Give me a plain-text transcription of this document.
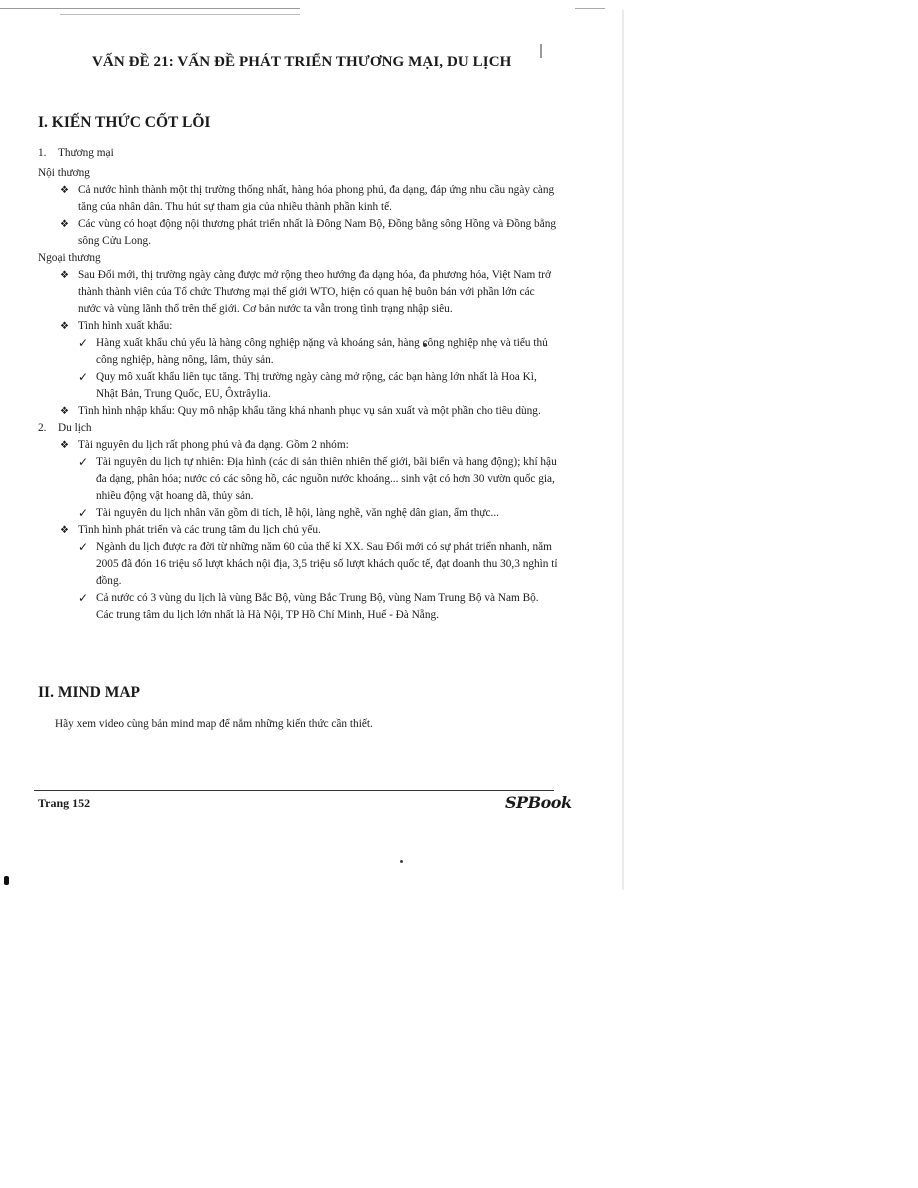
VẤN ĐỀ 21: VẤN ĐỀ PHÁT TRIỂN THƯƠNG MẠI, DU LỊCH
I. KIẾN THỨC CỐT LÕI
1. Thương mại
Nội thương
❖ Cả nước hình thành một thị trường thống nhất, hàng hóa phong phú, đa dạng, đáp ứng nhu cầu ngày càng tăng của nhân dân. Thu hút sự tham gia của nhiều thành phần kinh tế.
❖ Các vùng có hoạt động nội thương phát triển nhất là Đông Nam Bộ, Đồng bằng sông Hồng và Đồng bằng sông Cửu Long.
Ngoại thương
❖ Sau Đổi mới, thị trường ngày càng được mở rộng theo hướng đa dạng hóa, đa phương hóa, Việt Nam trở thành thành viên của Tổ chức Thương mại thế giới WTO, hiện có quan hệ buôn bán với phần lớn các nước và vùng lãnh thổ trên thế giới. Cơ bản nước ta vẫn trong tình trạng nhập siêu.
❖ Tình hình xuất khẩu:
✓ Hàng xuất khẩu chủ yếu là hàng công nghiệp nặng và khoáng sản, hàng công nghiệp nhẹ và tiểu thủ công nghiệp, hàng nông, lâm, thủy sản.
✓ Quy mô xuất khẩu liên tục tăng. Thị trường ngày càng mở rộng, các bạn hàng lớn nhất là Hoa Kì, Nhật Bản, Trung Quốc, EU, Ôxtrâylia.
❖ Tình hình nhập khẩu: Quy mô nhập khẩu tăng khá nhanh phục vụ sản xuất và một phần cho tiêu dùng.
2. Du lịch
❖ Tài nguyên du lịch rất phong phú và đa dạng. Gồm 2 nhóm:
✓ Tài nguyên du lịch tự nhiên: Địa hình (các di sản thiên nhiên thế giới, bãi biển và hang động); khí hậu đa dạng, phân hóa; nước có các sông hồ, các nguồn nước khoáng... sinh vật có hơn 30 vườn quốc gia, nhiều động vật hoang dã, thủy sản.
✓ Tài nguyên du lịch nhân văn gồm di tích, lễ hội, làng nghề, văn nghệ dân gian, ẩm thực...
❖ Tình hình phát triển và các trung tâm du lịch chủ yếu.
✓ Ngành du lịch được ra đời từ những năm 60 của thế kỉ XX. Sau Đổi mới có sự phát triển nhanh, năm 2005 đã đón 16 triệu số lượt khách nội địa, 3,5 triệu số lượt khách quốc tế, đạt doanh thu 30,3 nghìn tỉ đồng.
✓ Cả nước có 3 vùng du lịch là vùng Bắc Bộ, vùng Bắc Trung Bộ, vùng Nam Trung Bộ và Nam Bộ. Các trung tâm du lịch lớn nhất là Hà Nội, TP Hồ Chí Minh, Huế - Đà Nẵng.
II. MIND MAP
Hãy xem video cùng bản mind map để nắm những kiến thức cần thiết.
Trang 152	SPBook
